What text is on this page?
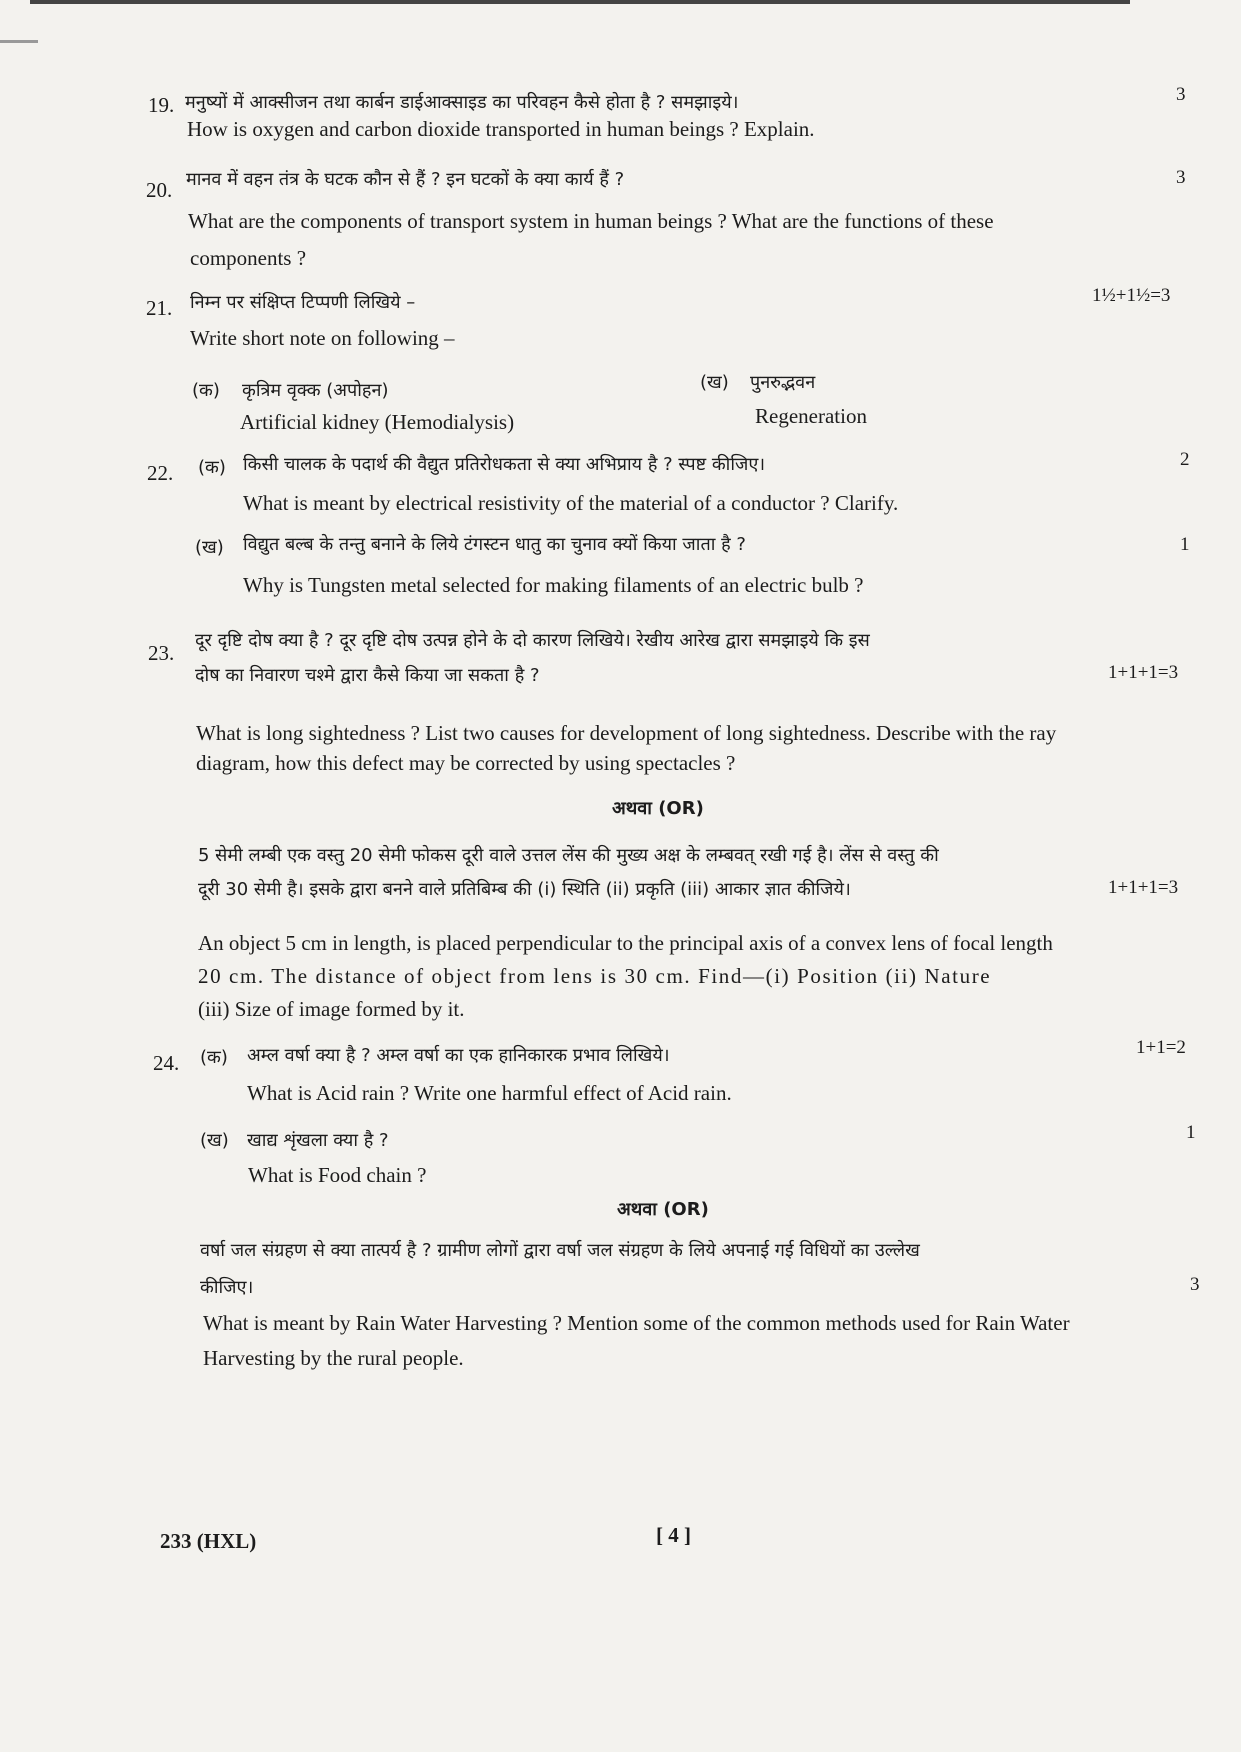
19. मनुष्यों में आक्सीजन तथा कार्बन डाईआक्साइड का परिवहन कैसे होता है ? समझाइये।	3
How is oxygen and carbon dioxide transported in human beings ? Explain.
20. मानव में वहन तंत्र के घटक कौन से हैं ? इन घटकों के क्या कार्य हैं ?	3
What are the components of transport system in human beings ? What are the functions of these
components ?
21. निम्न पर संक्षिप्त टिप्पणी लिखिये –	1½+1½=3
Write short note on following –
(क) कृत्रिम वृक्क (अपोहन)
Artificial kidney (Hemodialysis)
(ख) पुनरुद्भवन
Regeneration
22. (क) किसी चालक के पदार्थ की वैद्युत प्रतिरोधकता से क्या अभिप्राय है ? स्पष्ट कीजिए।	2
What is meant by electrical resistivity of the material of a conductor ? Clarify.
(ख) विद्युत बल्ब के तन्तु बनाने के लिये टंगस्टन धातु का चुनाव क्यों किया जाता है ?	1
Why is Tungsten metal selected for making filaments of an electric bulb ?
23.
दूर दृष्टि दोष क्या है ? दूर दृष्टि दोष उत्पन्न होने के दो कारण लिखिये। रेखीय आरेख द्वारा समझाइये कि इस
दोष का निवारण चश्मे द्वारा कैसे किया जा सकता है ?	1+1+1=3
What is long sightedness ? List two causes for development of long sightedness. Describe with the ray
diagram, how this defect may be corrected by using spectacles ?
अथवा (OR)
5 सेमी लम्बी एक वस्तु 20 सेमी फोकस दूरी वाले उत्तल लेंस की मुख्य अक्ष के लम्बवत् रखी गई है। लेंस से वस्तु की
दूरी 30 सेमी है। इसके द्वारा बनने वाले प्रतिबिम्ब की (i) स्थिति (ii) प्रकृति (iii) आकार ज्ञात कीजिये।	1+1+1=3
An object 5 cm in length, is placed perpendicular to the principal axis of a convex lens of focal length
20 cm. The distance of object from lens is 30 cm. Find—(i) Position (ii) Nature
(iii) Size of image formed by it.
24. (क) अम्ल वर्षा क्या है ? अम्ल वर्षा का एक हानिकारक प्रभाव लिखिये।	1+1=2
What is Acid rain ? Write one harmful effect of Acid rain.
(ख) खाद्य शृंखला क्या है ?	1
What is Food chain ?
अथवा (OR)
वर्षा जल संग्रहण से क्या तात्पर्य है ? ग्रामीण लोगों द्वारा वर्षा जल संग्रहण के लिये अपनाई गई विधियों का उल्लेख
कीजिए।	3
What is meant by Rain Water Harvesting ? Mention some of the common methods used for Rain Water
Harvesting by the rural people.
233 (HXL)	[ 4 ]
